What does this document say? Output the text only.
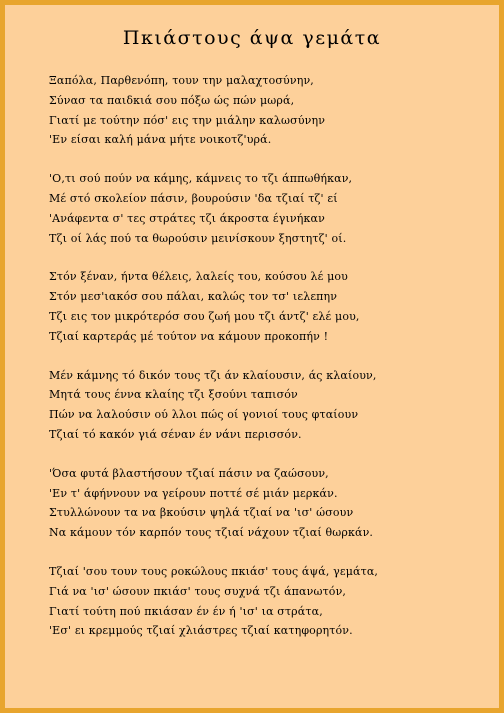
Πκιάστους άψα γεμάτα
Ξαπόλα, Παρθενόπη, τουν την μαλαχτοσύνην,
Σύνασ τα παιδκιά σου πόξω ώς πών μωρά,
Γιατί με τούτην πόσ' εις την μιάλην καλωσύνην
'Εν είσαι καλή μάνα μήτε νοικοτζ'υρά.
'Ο,τι σού πούν να κάμης, κάμνεις το τζι άππωθήκαν,
Μέ στό σκολείον πάσιν, βουρούσιν 'δα τζιαί τζ' εί
'Ανάφεντα σ' τες στράτες τζι άκροστα έγινήκαν
Τζι οί λάς πού τα θωρούσιν μεινίσκουν ξηστητζ' οί.
Στόν ξέναν, ήντα θέλεις, λαλείς του, κούσου λέ μου
Στόν μεσ'ιακόσ σου πάλαι, καλώς τον τσ' ιελεπην
Τζι εις τον μικρότερόσ σου ζωή μου τζι άντζ' ελέ μου,
Τζιαί καρτεράς μέ τούτον να κάμουν προκοπήν !
Μέν κάμνης τό δικόν τους τζι άν κλαίουσιν, άς κλαίουν,
Μητά τους έννα κλαίης τζι ξσούνι ταπισόν
Πών να λαλούσιν ού λλοι πώς οί γονιοί τους φταίουν
Τζιαί τό κακόν γιά σέναν έν νάνι περισσόν.
'Όσα φυτά βλαστήσουν τζιαί πάσιν να ζαώσουν,
'Εν τ' άφήννουν να γείρουν ποττέ σέ μιάν μερκάν.
Στυλλώνουν τα να βκούσιν ψηλά τζιαί να 'ισ' ώσουν
Να κάμουν τόν καρπόν τους τζιαί νάχουν τζιαί θωρκάν.
Τζιαί 'σου τουν τους ροκώλους πκιάσ' τους άψά, γεμάτα,
Γιά να 'ισ' ώσουν πκιάσ' τους συχνά τζι άπανωτόν,
Γιατί τούτη πού πκιάσαν έν έν ή 'ισ' ια στράτα,
'Εσ' ει κρεμμούς τζιαί χλιάστρες τζιαί κατηφορητόν.
